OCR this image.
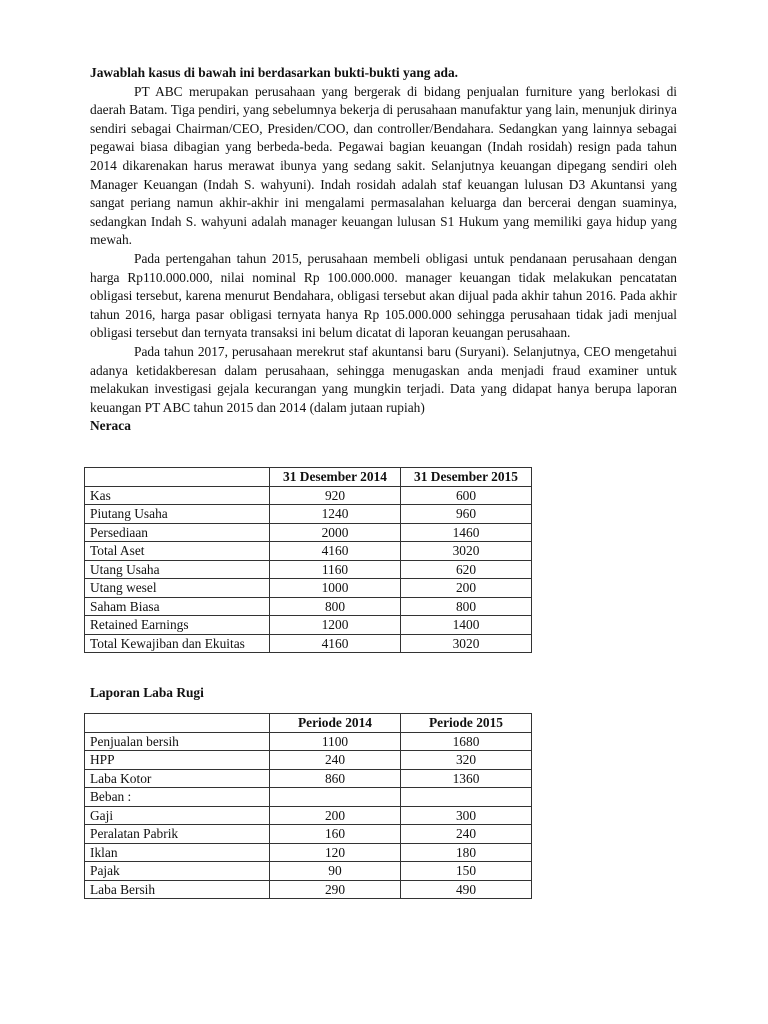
Jawablah kasus di bawah ini berdasarkan bukti-bukti yang ada.

PT ABC merupakan perusahaan yang bergerak di bidang penjualan furniture yang berlokasi di daerah Batam. Tiga pendiri, yang sebelumnya bekerja di perusahaan manufaktur yang lain, menunjuk dirinya sendiri sebagai Chairman/CEO, Presiden/COO, dan controller/Bendahara. Sedangkan yang lainnya sebagai pegawai biasa dibagian yang berbeda-beda. Pegawai bagian keuangan (Indah rosidah) resign pada tahun 2014 dikarenakan harus merawat ibunya yang sedang sakit. Selanjutnya keuangan dipegang sendiri oleh Manager Keuangan (Indah S. wahyuni). Indah rosidah adalah staf keuangan lulusan D3 Akuntansi yang sangat periang namun akhir-akhir ini mengalami permasalahan keluarga dan bercerai dengan suaminya, sedangkan Indah S. wahyuni adalah manager keuangan lulusan S1 Hukum yang memiliki gaya hidup yang mewah.

Pada pertengahan tahun 2015, perusahaan membeli obligasi untuk pendanaan perusahaan dengan harga Rp110.000.000, nilai nominal Rp 100.000.000. manager keuangan tidak melakukan pencatatan obligasi tersebut, karena menurut Bendahara, obligasi tersebut akan dijual pada akhir tahun 2016. Pada akhir tahun 2016, harga pasar obligasi ternyata hanya Rp 105.000.000 sehingga perusahaan tidak jadi menjual obligasi tersebut dan ternyata transaksi ini belum dicatat di laporan keuangan perusahaan.

Pada tahun 2017, perusahaan merekrut staf akuntansi baru (Suryani). Selanjutnya, CEO mengetahui adanya ketidakberesan dalam perusahaan, sehingga menugaskan anda menjadi fraud examiner untuk melakukan investigasi gejala kecurangan yang mungkin terjadi. Data yang didapat hanya berupa laporan keuangan PT ABC tahun 2015 dan 2014 (dalam jutaan rupiah)

Neraca

	31 Desember 2014	31 Desember 2015
Kas	920	600
Piutang Usaha	1240	960
Persediaan	2000	1460
Total Aset	4160	3020
Utang Usaha	1160	620
Utang wesel	1000	200
Saham Biasa	800	800
Retained Earnings	1200	1400
Total Kewajiban dan Ekuitas	4160	3020

Laporan Laba Rugi

	Periode 2014	Periode 2015
Penjualan bersih	1100	1680
HPP	240	320
Laba Kotor	860	1360
Beban :		
Gaji	200	300
Peralatan Pabrik	160	240
Iklan	120	180
Pajak	90	150
Laba Bersih	290	490
